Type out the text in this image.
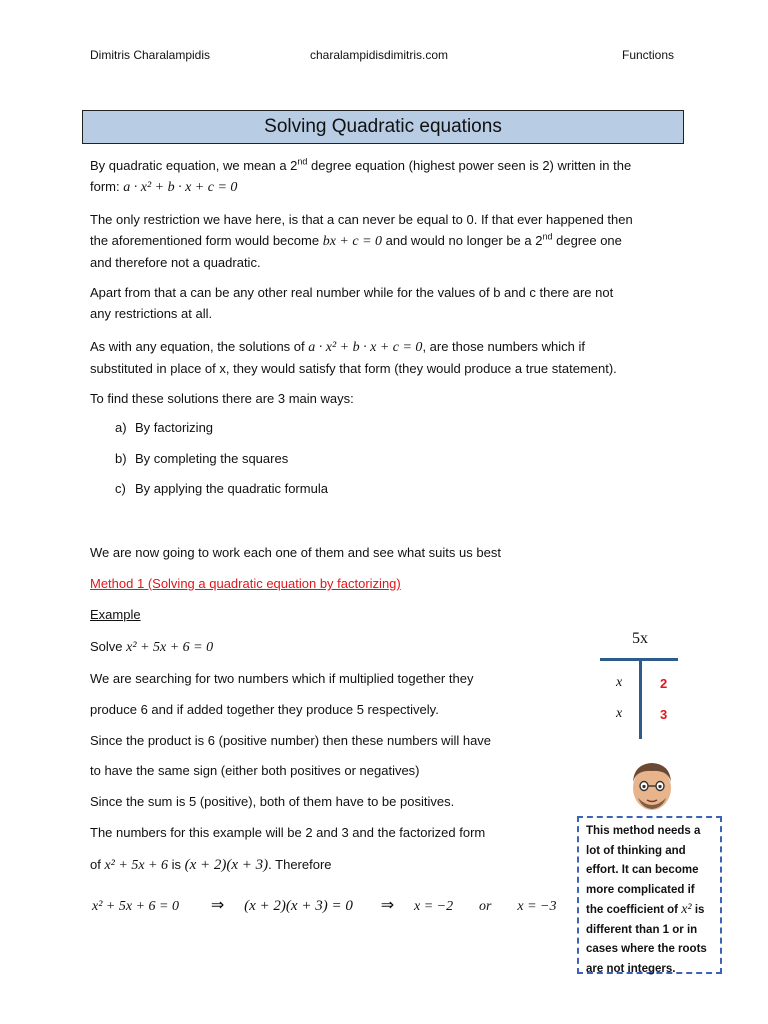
Dimitris Charalampidis	charalampidisdimitris.com	Functions
Solving Quadratic equations
By quadratic equation, we mean a 2nd degree equation (highest power seen is 2) written in the
form: a · x² + b · x + c = 0
The only restriction we have here, is that a can never be equal to 0. If that ever happened then
the aforementioned form would become bx + c = 0 and would no longer be a 2nd degree one
and therefore not a quadratic.
Apart from that a can be any other real number while for the values of b and c there are not
any restrictions at all.
As with any equation, the solutions of a · x² + b · x + c = 0, are those numbers which if
substituted in place of x, they would satisfy that form (they would produce a true statement).
To find these solutions there are 3 main ways:
a) By factorizing
b) By completing the squares
c) By applying the quadratic formula
We are now going to work each one of them and see what suits us best
Method 1 (Solving a quadratic equation by factorizing)
Example
Solve x² + 5x + 6 = 0
We are searching for two numbers which if multiplied together they
produce 6 and if added together they produce 5 respectively.
Since the product is 6 (positive number) then these numbers will have
to have the same sign (either both positives or negatives)
Since the sum is 5 (positive), both of them have to be positives.
The numbers for this example will be 2 and 3 and the factorized form
of x² + 5x + 6 is (x + 2)(x + 3). Therefore
x² + 5x + 6 = 0 ⇒ (x + 2)(x + 3) = 0 ⇒ x = −2 or x = −3
5x
x	2
x	3
This method needs a lot of thinking and effort. It can become more complicated if the coefficient of x² is different than 1 or in cases where the roots are not integers.
